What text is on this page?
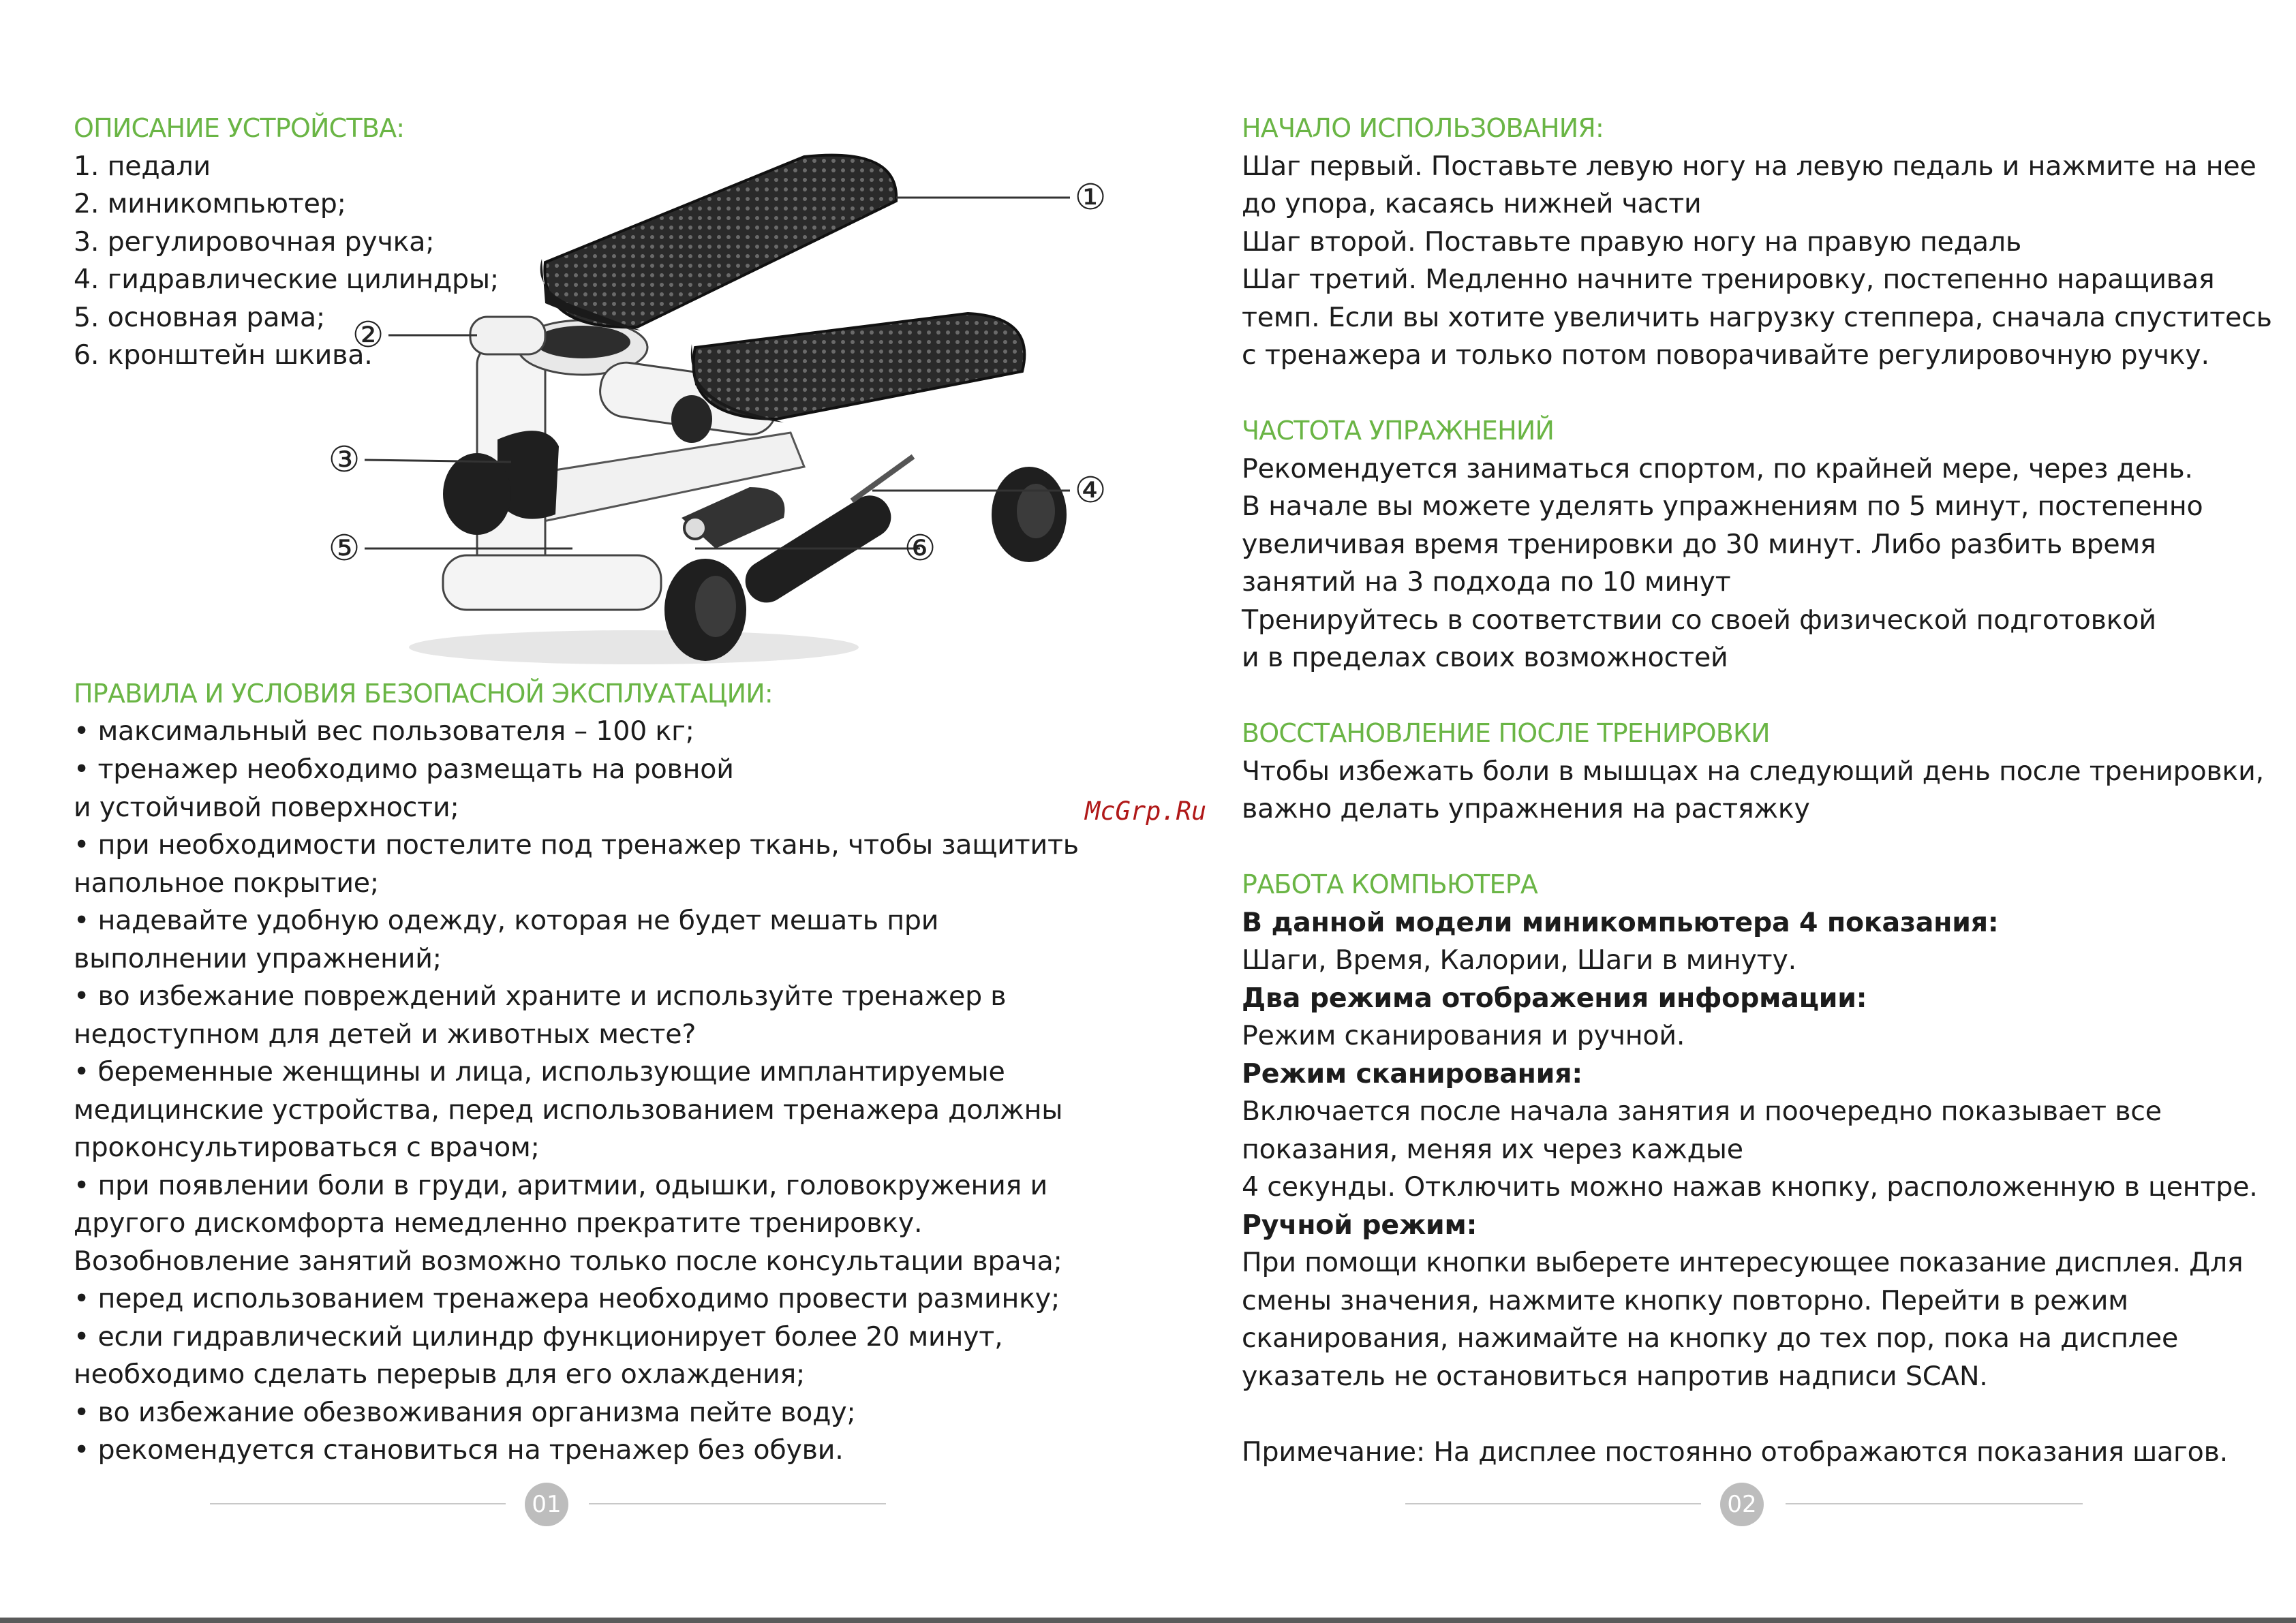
ОПИСАНИЕ УСТРОЙСТВА:
1. педали
2. миникомпьютер;
3. регулировочная ручка;
4. гидравлические цилиндры;
5. основная рама;
6. кронштейн шкива.
ПРАВИЛА И УСЛОВИЯ БЕЗОПАСНОЙ ЭКСПЛУАТАЦИИ:
• максимальный вес пользователя – 100 кг;
• тренажер необходимо размещать на ровной
и устойчивой поверхности;
• при необходимости постелите под тренажер ткань, чтобы защитить
напольное покрытие;
• надевайте удобную одежду, которая не будет мешать при
выполнении упражнений;
• во избежание повреждений храните и используйте тренажер в
недоступном для детей и животных месте?
• беременные женщины и лица, использующие имплантируемые
медицинские устройства, перед использованием тренажера должны
проконсультироваться с врачом;
• при появлении боли в груди, аритмии, одышки, головокружения и
другого дискомфорта немедленно прекратите тренировку.
Возобновление занятий возможно только после консультации врача;
• перед использованием тренажера необходимо провести разминку;
• если гидравлический цилиндр функционирует более 20 минут,
необходимо сделать перерыв для его охлаждения;
• во избежание обезвоживания организма пейте воду;
• рекомендуется становиться на тренажер без обуви.
НАЧАЛО ИСПОЛЬЗОВАНИЯ:
Шаг первый. Поставьте левую ногу на левую педаль и нажмите на нее
до упора, касаясь нижней части
Шаг второй. Поставьте правую ногу на правую педаль
Шаг третий. Медленно начните тренировку, постепенно наращивая
темп. Если вы хотите увеличить нагрузку степпера, сначала спуститесь
с тренажера и только потом поворачивайте регулировочную ручку.
ЧАСТОТА УПРАЖНЕНИЙ
Рекомендуется заниматься спортом, по крайней мере, через день.
В начале вы можете уделять упражнениям по 5 минут, постепенно
увеличивая время тренировки до 30 минут. Либо разбить время
занятий на 3 подхода по 10 минут
Тренируйтесь в соответствии со своей физической подготовкой
и в пределах своих возможностей
ВОССТАНОВЛЕНИЕ ПОСЛЕ ТРЕНИРОВКИ
Чтобы избежать боли в мышцах на следующий день после тренировки,
важно делать упражнения на растяжку
РАБОТА КОМПЬЮТЕРА
В данной модели миникомпьютера 4 показания:
Шаги, Время, Калории, Шаги в минуту.
Два режима отображения информации:
Режим сканирования и ручной.
Режим сканирования:
Включается после начала занятия и поочередно показывает все
показания, меняя их через каждые
4 секунды. Отключить можно нажав кнопку, расположенную в центре.
Ручной режим:
При помощи кнопки выберете интересующее показание дисплея. Для
смены значения, нажмите кнопку повторно. Перейти в режим
сканирования, нажимайте на кнопку до тех пор, пока на дисплее
указатель не остановиться напротив надписи SCAN.
Примечание: На дисплее постоянно отображаются показания шагов.
①
②
③
④
⑤	⑥
McGrp.Ru
01	02
